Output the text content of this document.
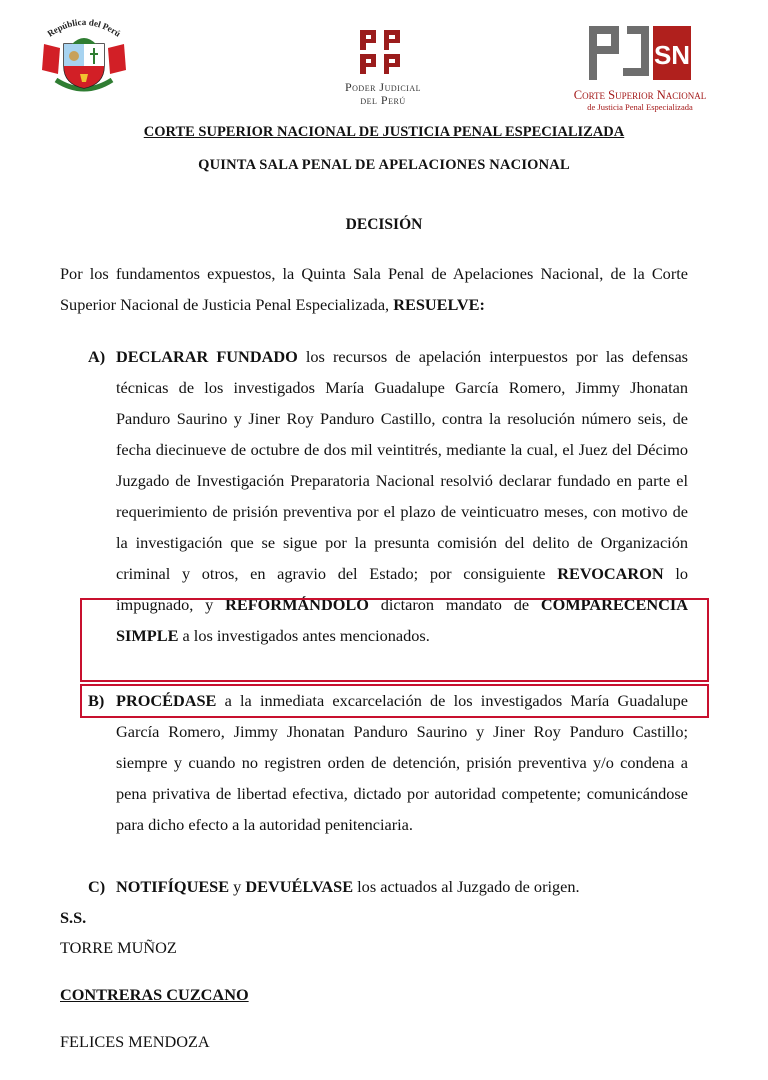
República del Perú
Poder Judicial
del Perú
SN
Corte Superior Nacional
de Justicia Penal Especializada
CORTE SUPERIOR NACIONAL DE JUSTICIA PENAL ESPECIALIZADA
QUINTA SALA PENAL DE APELACIONES NACIONAL
DECISIÓN
Por los fundamentos expuestos, la Quinta Sala Penal de Apelaciones Nacional, de la Corte Superior Nacional de Justicia Penal Especializada, RESUELVE:
A) DECLARAR FUNDADO los recursos de apelación interpuestos por las defensas técnicas de los investigados María Guadalupe García Romero, Jimmy Jhonatan Panduro Saurino y Jiner Roy Panduro Castillo, contra la resolución número seis, de fecha diecinueve de octubre de dos mil veintitrés, mediante la cual, el Juez del Décimo Juzgado de Investigación Preparatoria Nacional resolvió declarar fundado en parte el requerimiento de prisión preventiva por el plazo de veinticuatro meses, con motivo de la investigación que se sigue por la presunta comisión del delito de Organización criminal y otros, en agravio del Estado; por consiguiente REVOCARON lo impugnado, y REFORMÁNDOLO dictaron mandato de COMPARECENCIA SIMPLE a los investigados antes mencionados.
B) PROCÉDASE a la inmediata excarcelación de los investigados María Guadalupe García Romero, Jimmy Jhonatan Panduro Saurino y Jiner Roy Panduro Castillo; siempre y cuando no registren orden de detención, prisión preventiva y/o condena a pena privativa de libertad efectiva, dictado por autoridad competente; comunicándose para dicho efecto a la autoridad penitenciaria.
C) NOTIFÍQUESE y DEVUÉLVASE los actuados al Juzgado de origen.
S.S.
TORRE MUÑOZ
CONTRERAS CUZCANO
FELICES MENDOZA
